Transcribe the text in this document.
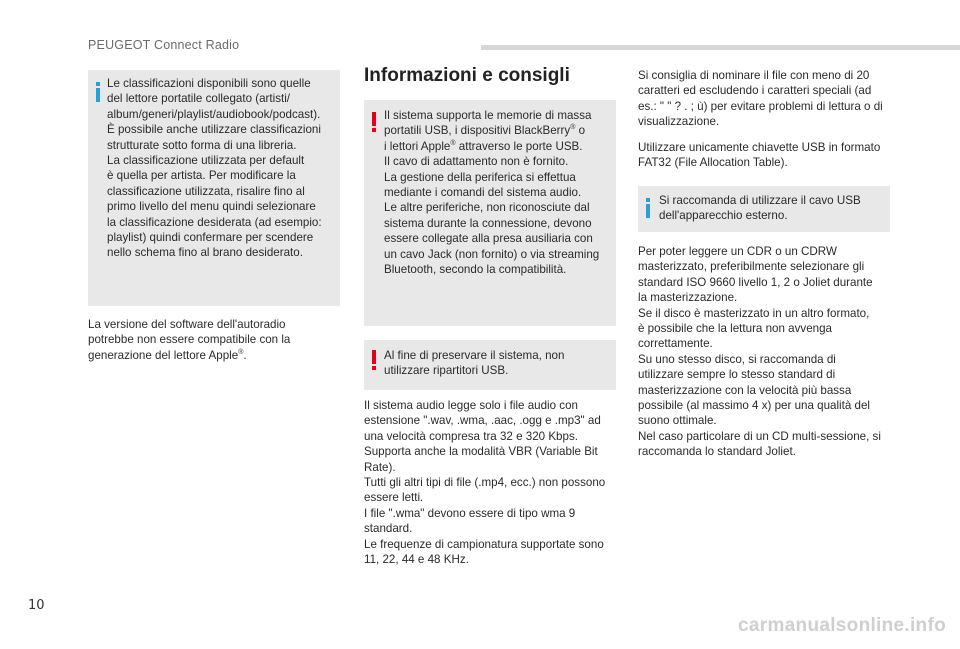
PEUGEOT Connect Radio
Le classificazioni disponibili sono quelle
del lettore portatile collegato (artisti/
album/generi/playlist/audiobook/podcast).
È possibile anche utilizzare classificazioni
strutturate sotto forma di una libreria.
La classificazione utilizzata per default
è quella per artista. Per modificare la
classificazione utilizzata, risalire fino al
primo livello del menu quindi selezionare
la classificazione desiderata (ad esempio:
playlist) quindi confermare per scendere
nello schema fino al brano desiderato.
La versione del software dell'autoradio
potrebbe non essere compatibile con la
generazione del lettore Apple®.
Informazioni e consigli
Il sistema supporta le memorie di massa
portatili USB, i dispositivi BlackBerry® o
i lettori Apple® attraverso le porte USB.
Il cavo di adattamento non è fornito.
La gestione della periferica si effettua
mediante i comandi del sistema audio.
Le altre periferiche, non riconosciute dal
sistema durante la connessione, devono
essere collegate alla presa ausiliaria con
un cavo Jack (non fornito) o via streaming
Bluetooth, secondo la compatibilità.
Al fine di preservare il sistema, non
utilizzare ripartitori USB.
Il sistema audio legge solo i file audio con
estensione ".wav, .wma, .aac, .ogg e .mp3" ad
una velocità compresa tra 32 e 320 Kbps.
Supporta anche la modalità VBR (Variable Bit
Rate).
Tutti gli altri tipi di file (.mp4, ecc.) non possono
essere letti.
I file ".wma" devono essere di tipo wma 9
standard.
Le frequenze di campionatura supportate sono
11, 22, 44 e 48 KHz.
Si consiglia di nominare il file con meno di 20
caratteri ed escludendo i caratteri speciali (ad
es.: " " ? . ; ù) per evitare problemi di lettura o di
visualizzazione.
Utilizzare unicamente chiavette USB in formato
FAT32 (File Allocation Table).
Si raccomanda di utilizzare il cavo USB
dell'apparecchio esterno.
Per poter leggere un CDR o un CDRW
masterizzato, preferibilmente selezionare gli
standard ISO 9660 livello 1, 2 o Joliet durante
la masterizzazione.
Se il disco è masterizzato in un altro formato,
è possibile che la lettura non avvenga
correttamente.
Su uno stesso disco, si raccomanda di
utilizzare sempre lo stesso standard di
masterizzazione con la velocità più bassa
possibile (al massimo 4 x) per una qualità del
suono ottimale.
Nel caso particolare di un CD multi-sessione, si
raccomanda lo standard Joliet.
10
carmanualsonline.info
